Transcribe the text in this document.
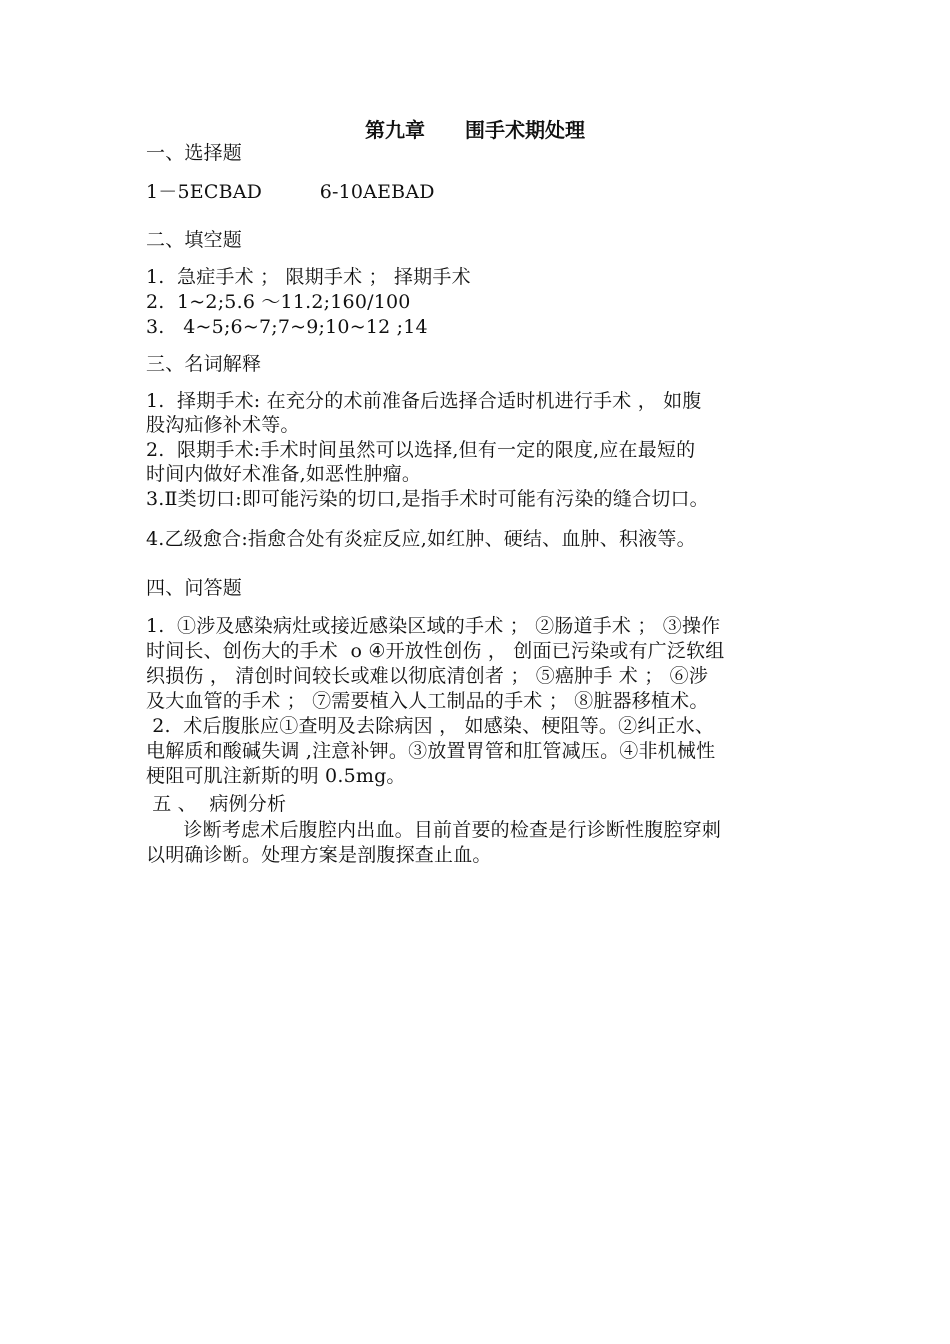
第九章　　围手术期处理
一、选择题
1－5ECBAD　　　6-10AEBAD
二、填空题
1.  急症手术 ； 限期手术 ； 择期手术
2.  1~2;5.6 ～11.2;160/100
3.   4~5;6~7;7~9;10~12 ;14
三、名词解释
1.  择期手术: 在充分的术前准备后选择合适时机进行手术 ， 如腹
股沟疝修补术等。
2.  限期手术:手术时间虽然可以选择,但有一定的限度,应在最短的
时间内做好术准备,如恶性肿瘤。
3.Ⅱ类切口:即可能污染的切口,是指手术时可能有污染的缝合切口。
4.乙级愈合:指愈合处有炎症反应,如红肿、硬结、血肿、积液等。
四、问答题
1.  ①涉及感染病灶或接近感染区域的手术 ； ②肠道手术 ； ③操作
时间长、创伤大的手术  o ④开放性创伤 ， 创面已污染或有广泛软组
织损伤 ， 清创时间较长或难以彻底清创者 ； ⑤癌肿手 术 ； ⑥涉
及大血管的手术 ； ⑦需要植入人工制品的手术 ； ⑧脏器移植术。
2.  术后腹胀应①查明及去除病因 ， 如感染、梗阻等。②纠正水、
电解质和酸碱失调 ,注意补钾。③放置胃管和肛管减压。④非机械性
梗阻可肌注新斯的明 0.5mg。
五 、  病例分析
诊断考虑术后腹腔内出血。目前首要的检查是行诊断性腹腔穿刺
以明确诊断。处理方案是剖腹探查止血。
